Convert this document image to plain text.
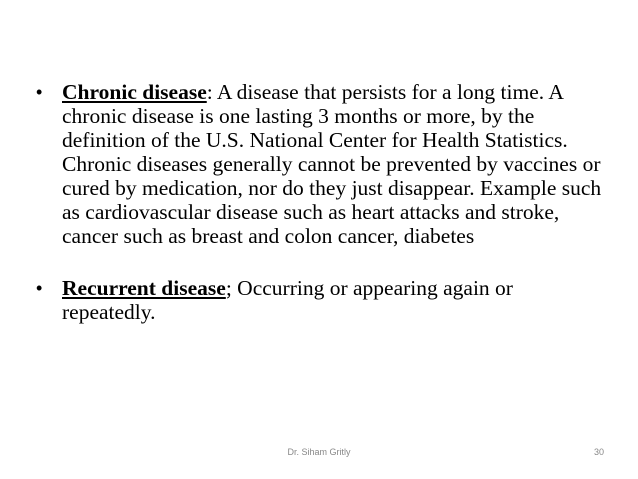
• Chronic disease: A disease that persists for a long time. A chronic disease is one lasting 3 months or more, by the definition of the U.S. National Center for Health Statistics. Chronic diseases generally cannot be prevented by vaccines or cured by medication, nor do they just disappear. Example such as cardiovascular disease such as heart attacks and stroke, cancer such as breast and colon cancer, diabetes
• Recurrent disease; Occurring or appearing again or repeatedly.
Dr. Siham Gritly	30
